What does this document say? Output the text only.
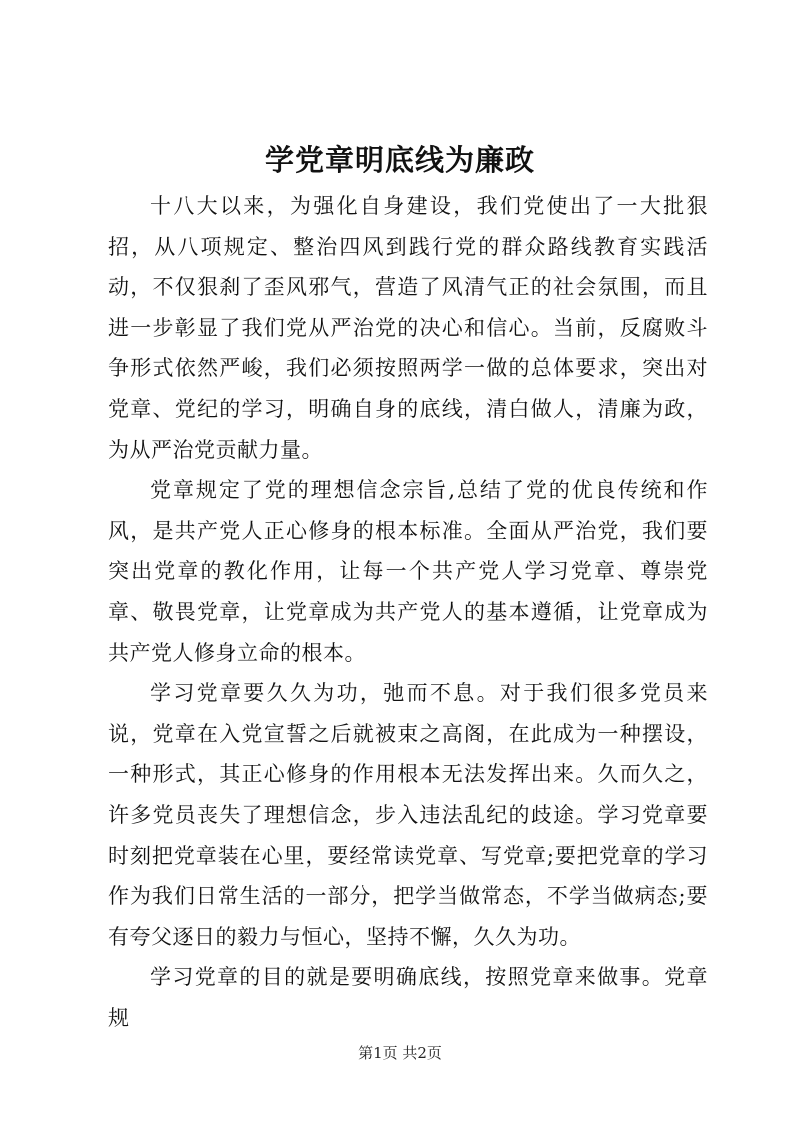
学党章明底线为廉政

十八大以来，为强化自身建设，我们党使出了一大批狠招，从八项规定、整治四风到践行党的群众路线教育实践活动，不仅狠刹了歪风邪气，营造了风清气正的社会氛围，而且进一步彰显了我们党从严治党的决心和信心。当前，反腐败斗争形式依然严峻，我们必须按照两学一做的总体要求，突出对党章、党纪的学习，明确自身的底线，清白做人，清廉为政，为从严治党贡献力量。

党章规定了党的理想信念宗旨,总结了党的优良传统和作风，是共产党人正心修身的根本标准。全面从严治党，我们要突出党章的教化作用，让每一个共产党人学习党章、尊崇党章、敬畏党章，让党章成为共产党人的基本遵循，让党章成为共产党人修身立命的根本。

学习党章要久久为功，弛而不息。对于我们很多党员来说，党章在入党宣誓之后就被束之高阁，在此成为一种摆设，一种形式，其正心修身的作用根本无法发挥出来。久而久之，许多党员丧失了理想信念，步入违法乱纪的歧途。学习党章要时刻把党章装在心里，要经常读党章、写党章;要把党章的学习作为我们日常生活的一部分，把学当做常态，不学当做病态;要有夸父逐日的毅力与恒心，坚持不懈，久久为功。

学习党章的目的就是要明确底线，按照党章来做事。党章规

第1页 共2页
